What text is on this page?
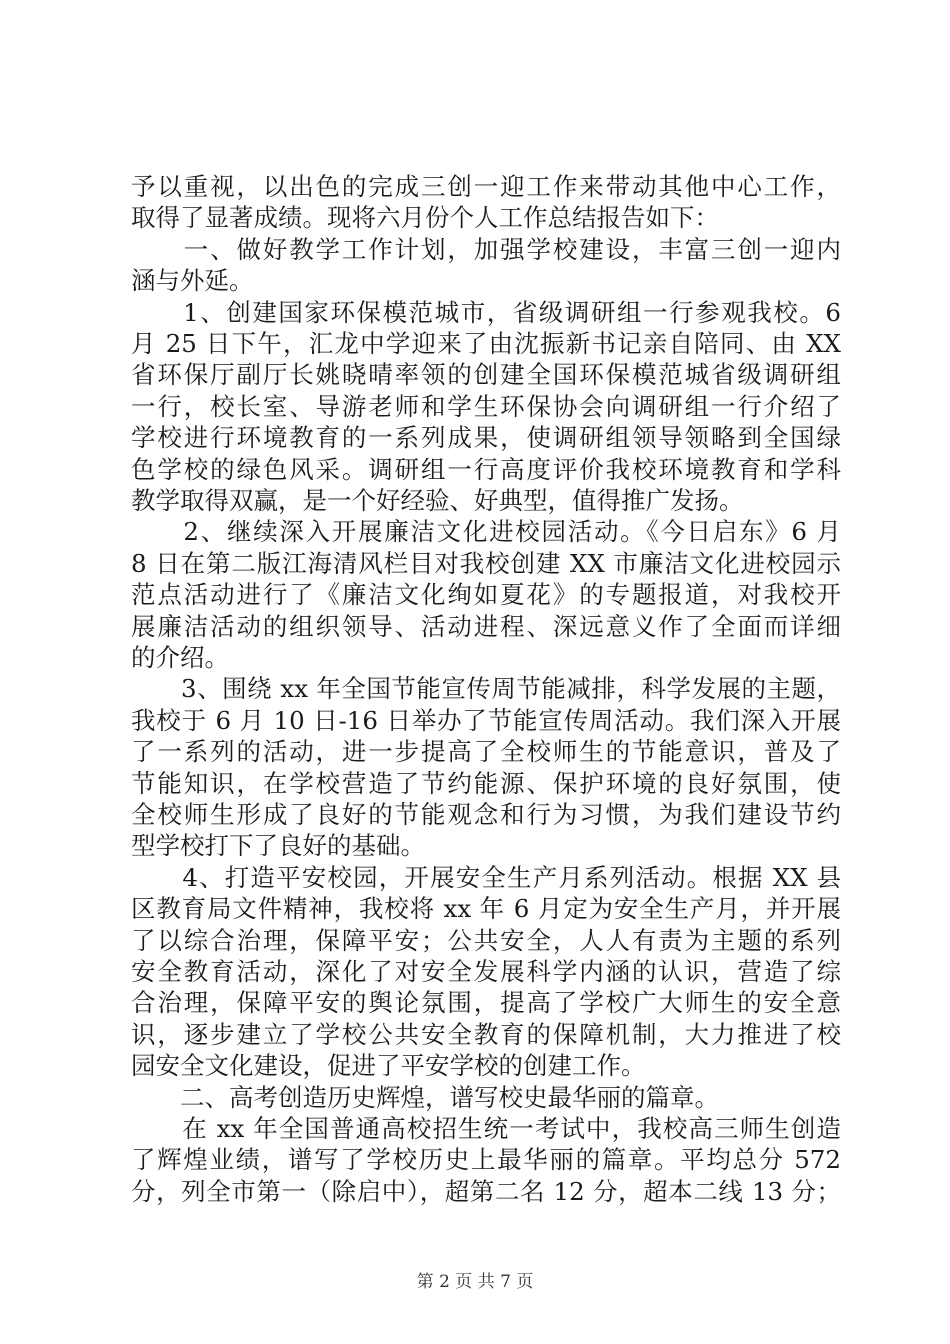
予以重视，以出色的完成三创一迎工作来带动其他中心工作，
取得了显著成绩。现将六月份个人工作总结报告如下：
　　一、做好教学工作计划，加强学校建设，丰富三创一迎内
涵与外延。
　　1、创建国家环保模范城市，省级调研组一行参观我校。6
月 25 日下午，汇龙中学迎来了由沈振新书记亲自陪同、由 XX
省环保厅副厅长姚晓晴率领的创建全国环保模范城省级调研组
一行，校长室、导游老师和学生环保协会向调研组一行介绍了
学校进行环境教育的一系列成果，使调研组领导领略到全国绿
色学校的绿色风采。调研组一行高度评价我校环境教育和学科
教学取得双赢，是一个好经验、好典型，值得推广发扬。
　　2、继续深入开展廉洁文化进校园活动。《今日启东》6 月
8 日在第二版江海清风栏目对我校创建 XX 市廉洁文化进校园示
范点活动进行了《廉洁文化绚如夏花》的专题报道，对我校开
展廉洁活动的组织领导、活动进程、深远意义作了全面而详细
的介绍。
　　3、围绕 xx 年全国节能宣传周节能减排，科学发展的主题，
我校于 6 月 10 日-16 日举办了节能宣传周活动。我们深入开展
了一系列的活动，进一步提高了全校师生的节能意识，普及了
节能知识，在学校营造了节约能源、保护环境的良好氛围，使
全校师生形成了良好的节能观念和行为习惯，为我们建设节约
型学校打下了良好的基础。
　　4、打造平安校园，开展安全生产月系列活动。根据 XX 县
区教育局文件精神，我校将 xx 年 6 月定为安全生产月，并开展
了以综合治理，保障平安；公共安全，人人有责为主题的系列
安全教育活动，深化了对安全发展科学内涵的认识，营造了综
合治理，保障平安的舆论氛围，提高了学校广大师生的安全意
识，逐步建立了学校公共安全教育的保障机制，大力推进了校
园安全文化建设，促进了平安学校的创建工作。
　　二、高考创造历史辉煌，谱写校史最华丽的篇章。
　　在 xx 年全国普通高校招生统一考试中，我校高三师生创造
了辉煌业绩，谱写了学校历史上最华丽的篇章。平均总分 572
分，列全市第一（除启中），超第二名 12 分，超本二线 13 分；
第 2 页 共 7 页
